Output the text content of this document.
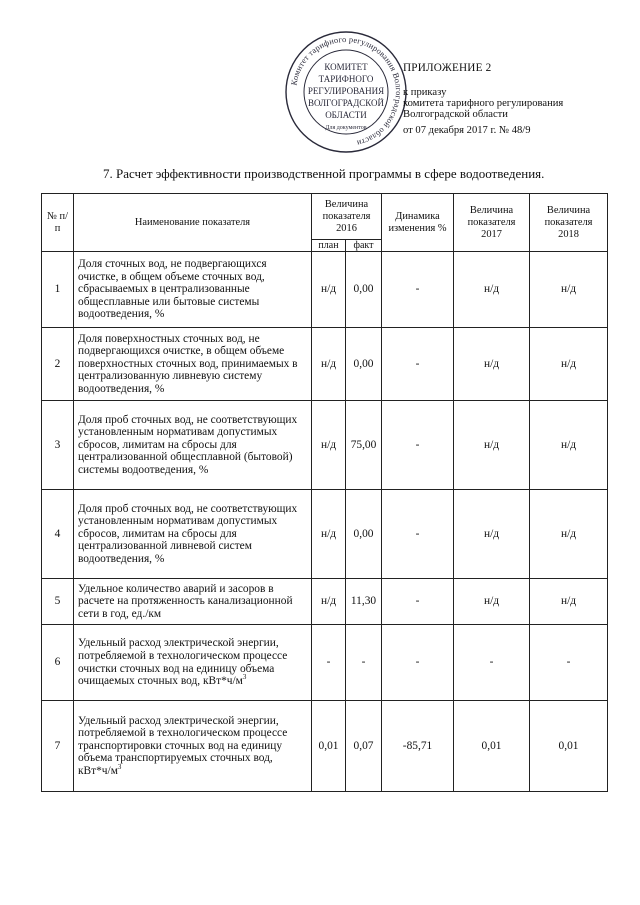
Комитет тарифного регулирования Волгоградской области
КОМИТЕТ
ТАРИФНОГО
РЕГУЛИРОВАНИЯ
ВОЛГОГРАДСКОЙ
ОБЛАСТИ
Для документов
ПРИЛОЖЕНИЕ 2
к приказу
комитета тарифного регулирования
Волгоградской области
от 07 декабря 2017 г. № 48/9
7. Расчет эффективности производственной программы в сфере водоотведения.
№ п/п	Наименование показателя	Величина показателя 2016		Динамика изменения %	Величина показателя 2017	Величина показателя 2018
		план	факт			
1	Доля сточных вод, не подвергающихся очистке, в общем объеме сточных вод, сбрасываемых в централизованные общесплавные или бытовые системы водоотведения, %	н/д	0,00	-	н/д	н/д
2	Доля поверхностных сточных вод, не подвергающихся очистке, в общем объеме поверхностных сточных вод, принимаемых в централизованную ливневую систему водоотведения, %	н/д	0,00	-	н/д	н/д
3	Доля проб сточных вод, не соответствующих установленным нормативам допустимых сбросов, лимитам на сбросы для централизованной общесплавной (бытовой) системы водоотведения, %	н/д	75,00	-	н/д	н/д
4	Доля проб сточных вод, не соответствующих установленным нормативам допустимых сбросов, лимитам на сбросы для централизованной ливневой систем водоотведения, %	н/д	0,00	-	н/д	н/д
5	Удельное количество аварий и засоров в расчете на протяженность канализационной сети в год, ед./км	н/д	11,30	-	н/д	н/д
6	Удельный расход электрической энергии, потребляемой в технологическом процессе очистки сточных вод на единицу объема очищаемых сточных вод, $кВт*ч/м^3$	-	-	-	-	-
7	Удельный расход электрической энергии, потребляемой в технологическом процессе транспортировки сточных вод на единицу объема транспортируемых сточных вод, $кВт*ч/м^3$	0,01	0,07	-85,71	0,01	0,01
